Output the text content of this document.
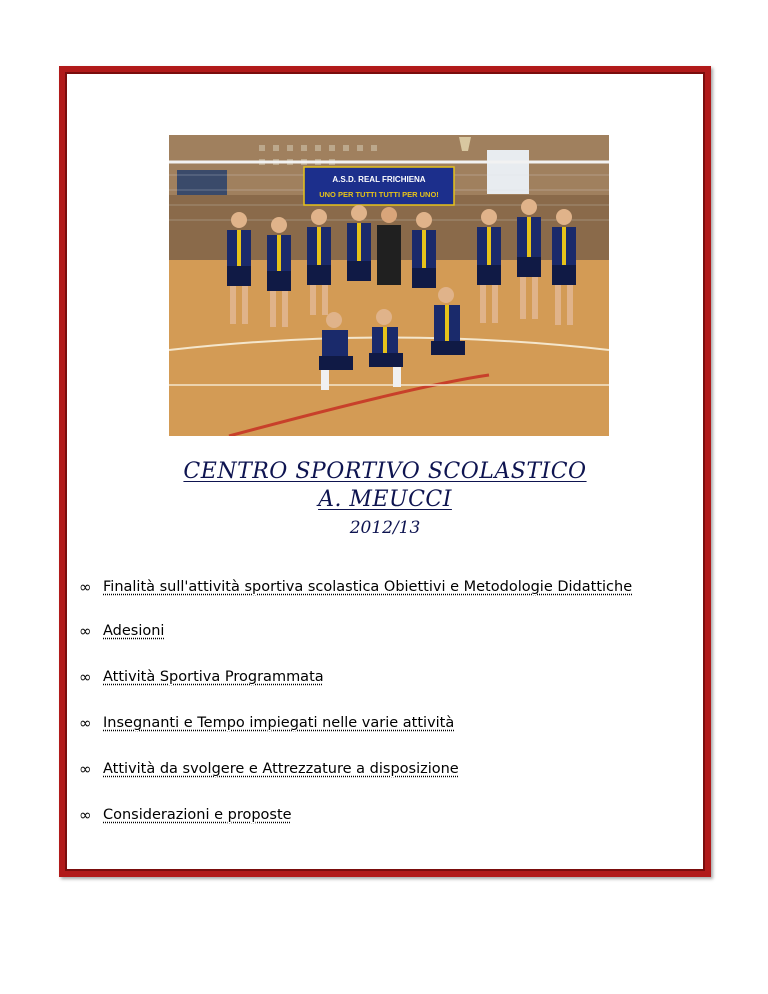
A.S.D. REAL FRICHIENA
UNO PER TUTTI TUTTI PER UNO!
CENTRO SPORTIVO SCOLASTICO
A. MEUCCI
2012/13
∞ Finalità sull'attività sportiva scolastica Obiettivi e Metodologie Didattiche
∞ Adesioni
∞ Attività Sportiva Programmata
∞ Insegnanti e Tempo impiegati nelle varie attività
∞ Attività da svolgere e Attrezzature a disposizione
∞ Considerazioni e proposte
